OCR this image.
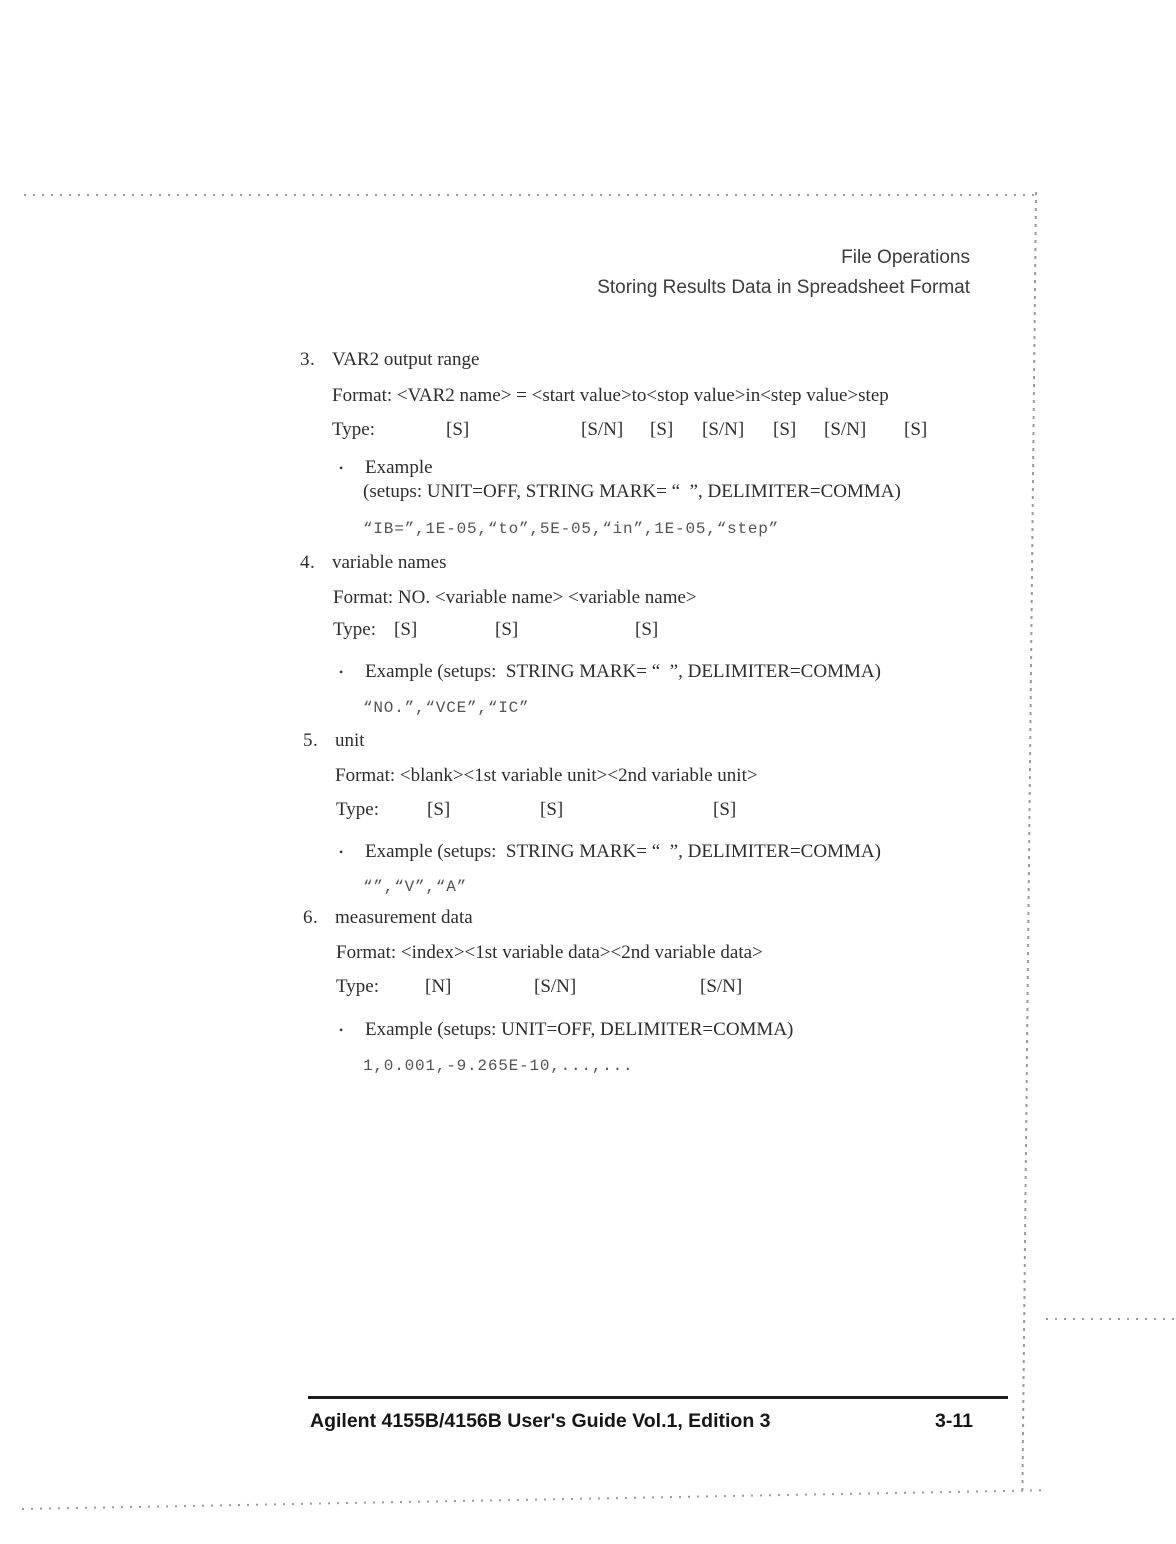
File Operations
Storing Results Data in Spreadsheet Format
3. VAR2 output range
Format: <VAR2 name> = <start value>to<stop value>in<step value>step
Type:	[S]	[S/N] [S] [S/N] [S] [S/N] [S]
• Example
(setups: UNIT=OFF, STRING MARK= “  ”, DELIMITER=COMMA)
“IB=”,1E-05,“to”,5E-05,“in”,1E-05,“step”
4. variable names
Format: NO. <variable name> <variable name>
Type: [S]	[S]	[S]
• Example (setups:  STRING MARK= “  ”, DELIMITER=COMMA)
“NO.”,“VCE”,“IC”
5. unit
Format: <blank><1st variable unit><2nd variable unit>
Type:	[S]	[S]	[S]
• Example (setups:  STRING MARK= “  ”, DELIMITER=COMMA)
“”,“V”,“A”
6. measurement data
Format: <index><1st variable data><2nd variable data>
Type: [N]	[S/N]	[S/N]
• Example (setups: UNIT=OFF, DELIMITER=COMMA)
1,0.001,-9.265E-10,...,...
Agilent 4155B/4156B User's Guide Vol.1, Edition 3	3-11
